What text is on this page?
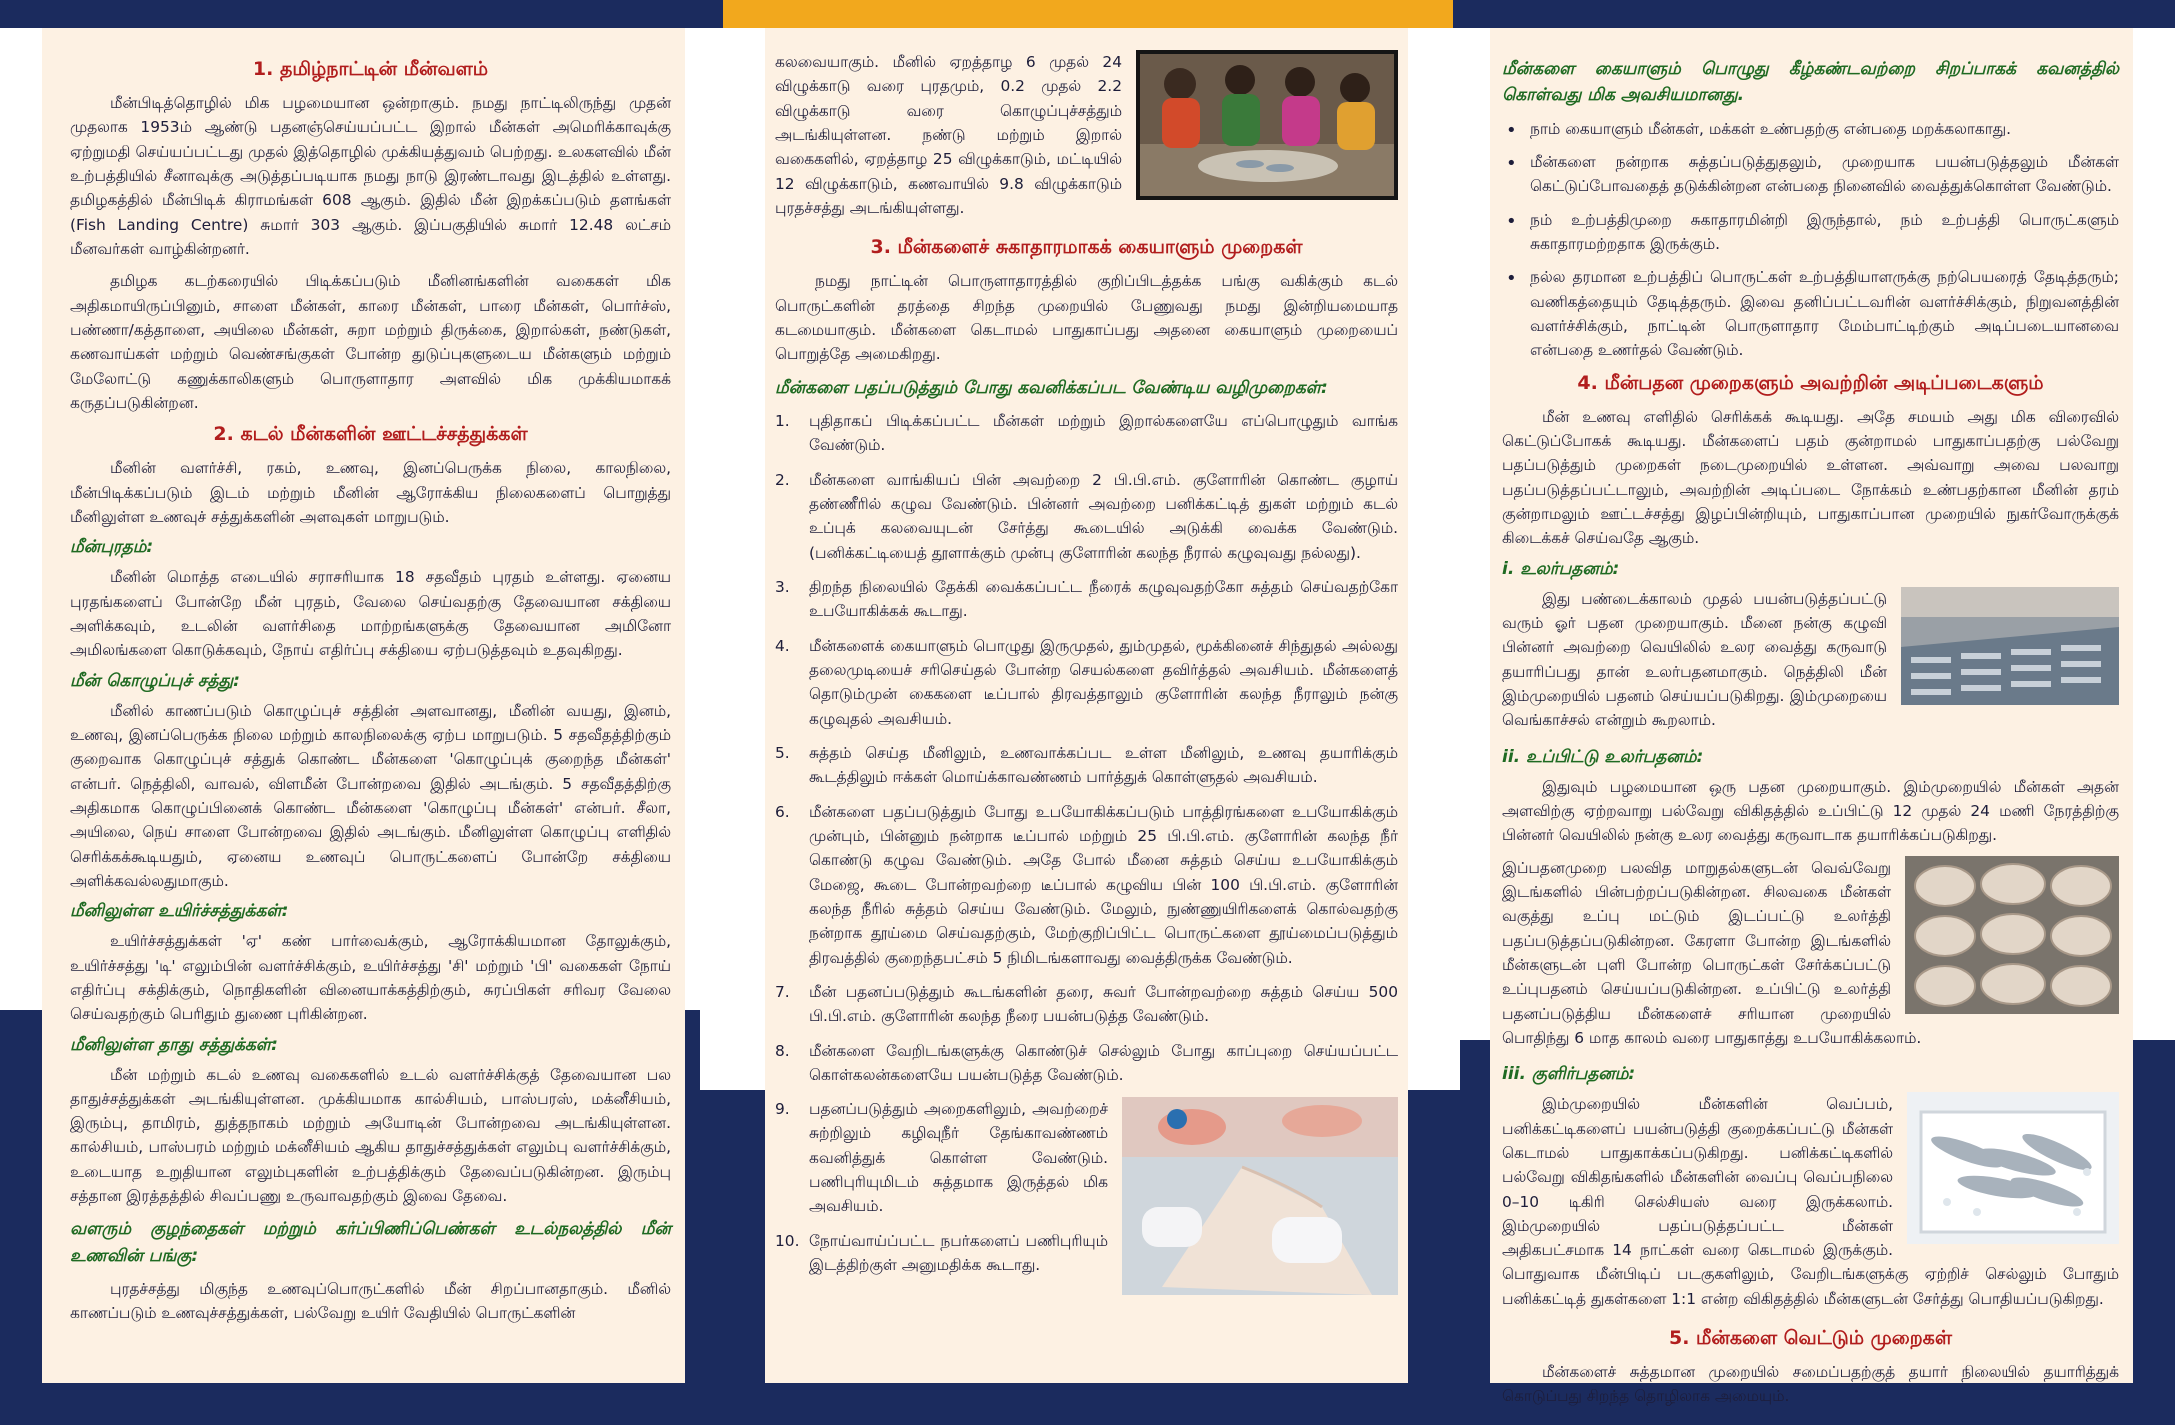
1. தமிழ்நாட்டின் மீன்வளம்

மீன்பிடித்தொழில் மிக பழமையான ஒன்றாகும். நமது நாட்டிலிருந்து முதன் முதலாக 1953ம் ஆண்டு பதனஞ்செய்யப்பட்ட இறால் மீன்கள் அமெரிக்காவுக்கு ஏற்றுமதி செய்யப்பட்டது முதல் இத்தொழில் முக்கியத்துவம் பெற்றது. உலகளவில் மீன் உற்பத்தியில் சீனாவுக்கு அடுத்தப்படியாக நமது நாடு இரண்டாவது இடத்தில் உள்ளது. தமிழகத்தில் மீன்பிடிக் கிராமங்கள் 608 ஆகும். இதில் மீன் இறக்கப்படும் தளங்கள் (Fish Landing Centre) சுமார் 303 ஆகும். இப்பகுதியில் சுமார் 12.48 லட்சம் மீனவர்கள் வாழ்கின்றனர்.

தமிழக கடற்கரையில் பிடிக்கப்படும் மீனினங்களின் வகைகள் மிக அதிகமாயிருப்பினும், சாளை மீன்கள், காரை மீன்கள், பாரை மீன்கள், பொர்ச்ஸ், பண்ணா/கத்தாளை, அயிலை மீன்கள், சுறா மற்றும் திருக்கை, இறால்கள், நண்டுகள், கணவாய்கள் மற்றும் வெண்சங்குகள் போன்ற துடுப்புகளுடைய மீன்களும் மற்றும் மேலோட்டு கணுக்காலிகளும் பொருளாதார அளவில் மிக முக்கியமாகக் கருதப்படுகின்றன.

2. கடல் மீன்களின் ஊட்டச்சத்துக்கள்

மீனின் வளர்ச்சி, ரகம், உணவு, இனப்பெருக்க நிலை, காலநிலை, மீன்பிடிக்கப்படும் இடம் மற்றும் மீனின் ஆரோக்கிய நிலைகளைப் பொறுத்து மீனிலுள்ள உணவுச் சத்துக்களின் அளவுகள் மாறுபடும்.

மீன்புரதம்:

மீனின் மொத்த எடையில் சராசரியாக 18 சதவீதம் புரதம் உள்ளது. ஏனைய புரதங்களைப் போன்றே மீன் புரதம், வேலை செய்வதற்கு தேவையான சக்தியை அளிக்கவும், உடலின் வளர்சிதை மாற்றங்களுக்கு தேவையான அமினோ அமிலங்களை கொடுக்கவும், நோய் எதிர்ப்பு சக்தியை ஏற்படுத்தவும் உதவுகிறது.

மீன் கொழுப்புச் சத்து:

மீனில் காணப்படும் கொழுப்புச் சத்தின் அளவானது, மீனின் வயது, இனம், உணவு, இனப்பெருக்க நிலை மற்றும் காலநிலைக்கு ஏற்ப மாறுபடும். 5 சதவீதத்திற்கும் குறைவாக கொழுப்புச் சத்துக் கொண்ட மீன்களை 'கொழுப்புக் குறைந்த மீன்கள்' என்பர். நெத்திலி, வாவல், விளமீன் போன்றவை இதில் அடங்கும். 5 சதவீதத்திற்கு அதிகமாக கொழுப்பினைக் கொண்ட மீன்களை 'கொழுப்பு மீன்கள்' என்பர். சீலா, அயிலை, நெய் சாளை போன்றவை இதில் அடங்கும். மீனிலுள்ள கொழுப்பு எளிதில் செரிக்கக்கூடியதும், ஏனைய உணவுப் பொருட்களைப் போன்றே சக்தியை அளிக்கவல்லதுமாகும்.

மீனிலுள்ள உயிர்ச்சத்துக்கள்:

உயிர்ச்சத்துக்கள் 'ஏ' கண் பார்வைக்கும், ஆரோக்கியமான தோலுக்கும், உயிர்ச்சத்து 'டி' எலும்பின் வளர்ச்சிக்கும், உயிர்ச்சத்து 'சி' மற்றும் 'பி' வகைகள் நோய் எதிர்ப்பு சக்திக்கும், நொதிகளின் வினையாக்கத்திற்கும், சுரப்பிகள் சரிவர வேலை செய்வதற்கும் பெரிதும் துணை புரிகின்றன.

மீனிலுள்ள தாது சத்துக்கள்:

மீன் மற்றும் கடல் உணவு வகைகளில் உடல் வளர்ச்சிக்குத் தேவையான பல தாதுச்சத்துக்கள் அடங்கியுள்ளன. முக்கியமாக கால்சியம், பாஸ்பரஸ், மக்னீசியம், இரும்பு, தாமிரம், துத்தநாகம் மற்றும் அயோடின் போன்றவை அடங்கியுள்ளன. கால்சியம், பாஸ்பரம் மற்றும் மக்னீசியம் ஆகிய தாதுச்சத்துக்கள் எலும்பு வளர்ச்சிக்கும், உடையாத உறுதியான எலும்புகளின் உற்பத்திக்கும் தேவைப்படுகின்றன. இரும்பு சத்தான இரத்தத்தில் சிவப்பணு உருவாவதற்கும் இவை தேவை.

வளரும் குழந்தைகள் மற்றும் கர்ப்பிணிப்பெண்கள் உடல்நலத்தில் மீன் உணவின் பங்கு:

புரதச்சத்து மிகுந்த உணவுப்பொருட்களில் மீன் சிறப்பானதாகும். மீனில் காணப்படும் உணவுச்சத்துக்கள், பல்வேறு உயிர் வேதியில் பொருட்களின்

கலவையாகும். மீனில் ஏறத்தாழ 6 முதல் 24 விழுக்காடு வரை புரதமும், 0.2 முதல் 2.2 விழுக்காடு வரை கொழுப்புச்சத்தும் அடங்கியுள்ளன. நண்டு மற்றும் இறால் வகைகளில், ஏறத்தாழ 25 விழுக்காடும், மட்டியில் 12 விழுக்காடும், கணவாயில் 9.8 விழுக்காடும் புரதச்சத்து அடங்கியுள்ளது.

3. மீன்களைச் சுகாதாரமாகக் கையாளும் முறைகள்

நமது நாட்டின் பொருளாதாரத்தில் குறிப்பிடத்தக்க பங்கு வகிக்கும் கடல் பொருட்களின் தரத்தை சிறந்த முறையில் பேணுவது நமது இன்றியமையாத கடமையாகும். மீன்களை கெடாமல் பாதுகாப்பது அதனை கையாளும் முறையைப் பொறுத்தே அமைகிறது.

மீன்களை பதப்படுத்தும் போது கவனிக்கப்பட வேண்டிய வழிமுறைகள்:
1. புதிதாகப் பிடிக்கப்பட்ட மீன்கள் மற்றும் இறால்களையே எப்பொழுதும் வாங்க வேண்டும்.
2. மீன்களை வாங்கியப் பின் அவற்றை 2 பி.பி.எம். குளோரின் கொண்ட குழாய் தண்ணீரில் கழுவ வேண்டும். பின்னர் அவற்றை பனிக்கட்டித் துகள் மற்றும் கடல் உப்புக் கலவையுடன் சேர்த்து கூடையில் அடுக்கி வைக்க வேண்டும். (பனிக்கட்டியைத் தூளாக்கும் முன்பு குளோரின் கலந்த நீரால் கழுவுவது நல்லது).
3. திறந்த நிலையில் தேக்கி வைக்கப்பட்ட நீரைக் கழுவுவதற்கோ சுத்தம் செய்வதற்கோ உபயோகிக்கக் கூடாது.
4. மீன்களைக் கையாளும் பொழுது இருமுதல், தும்முதல், மூக்கினைச் சிந்துதல் அல்லது தலைமுடியைச் சரிசெய்தல் போன்ற செயல்களை தவிர்த்தல் அவசியம். மீன்களைத் தொடும்முன் கைகளை டீப்பால் திரவத்தாலும் குளோரின் கலந்த நீராலும் நன்கு கழுவுதல் அவசியம்.
5. சுத்தம் செய்த மீனிலும், உணவாக்கப்பட உள்ள மீனிலும், உணவு தயாரிக்கும் கூடத்திலும் ஈக்கள் மொய்க்காவண்ணம் பார்த்துக் கொள்ளுதல் அவசியம்.
6. மீன்களை பதப்படுத்தும் போது உபயோகிக்கப்படும் பாத்திரங்களை உபயோகிக்கும் முன்பும், பின்னும் நன்றாக டீப்பால் மற்றும் 25 பி.பி.எம். குளோரின் கலந்த நீர் கொண்டு கழுவ வேண்டும். அதே போல் மீனை சுத்தம் செய்ய உபயோகிக்கும் மேஜை, கூடை போன்றவற்றை டீப்பால் கழுவிய பின் 100 பி.பி.எம். குளோரின் கலந்த நீரில் சுத்தம் செய்ய வேண்டும். மேலும், நுண்ணுயிரிகளைக் கொல்வதற்கு நன்றாக தூய்மை செய்வதற்கும், மேற்குறிப்பிட்ட பொருட்களை தூய்மைப்படுத்தும் திரவத்தில் குறைந்தபட்சம் 5 நிமிடங்களாவது வைத்திருக்க வேண்டும்.
7. மீன் பதனப்படுத்தும் கூடங்களின் தரை, சுவர் போன்றவற்றை சுத்தம் செய்ய 500 பி.பி.எம். குளோரின் கலந்த நீரை பயன்படுத்த வேண்டும்.
8. மீன்களை வேறிடங்களுக்கு கொண்டுச் செல்லும் போது காப்புறை செய்யப்பட்ட கொள்கலன்களையே பயன்படுத்த வேண்டும்.
9. பதனப்படுத்தும் அறைகளிலும், அவற்றைச் சுற்றிலும் கழிவுநீர் தேங்காவண்ணம் கவனித்துக் கொள்ள வேண்டும். பணிபுரியுமிடம் சுத்தமாக இருத்தல் மிக அவசியம்.
10. நோய்வாய்ப்பட்ட நபர்களைப் பணிபுரியும் இடத்திற்குள் அனுமதிக்க கூடாது.
மீன்களை கையாளும் பொழுது கீழ்கண்டவற்றை சிறப்பாகக் கவனத்தில் கொள்வது மிக அவசியமானது.
• நாம் கையாளும் மீன்கள், மக்கள் உண்பதற்கு என்பதை மறக்கலாகாது.
• மீன்களை நன்றாக சுத்தப்படுத்துதலும், முறையாக பயன்படுத்தலும் மீன்கள் கெட்டுப்போவதைத் தடுக்கின்றன என்பதை நினைவில் வைத்துக்கொள்ள வேண்டும்.
• நம் உற்பத்திமுறை சுகாதாரமின்றி இருந்தால், நம் உற்பத்தி பொருட்களும் சுகாதாரமற்றதாக இருக்கும்.
• நல்ல தரமான உற்பத்திப் பொருட்கள் உற்பத்தியாளருக்கு நற்பெயரைத் தேடித்தரும்; வணிகத்தையும் தேடித்தரும். இவை தனிப்பட்டவரின் வளர்ச்சிக்கும், நிறுவனத்தின் வளர்ச்சிக்கும், நாட்டின் பொருளாதார மேம்பாட்டிற்கும் அடிப்படையானவை என்பதை உணர்தல் வேண்டும்.
4. மீன்பதன முறைகளும் அவற்றின் அடிப்படைகளும்

மீன் உணவு எளிதில் செரிக்கக் கூடியது. அதே சமயம் அது மிக விரைவில் கெட்டுப்போகக் கூடியது. மீன்களைப் பதம் குன்றாமல் பாதுகாப்பதற்கு பல்வேறு பதப்படுத்தும் முறைகள் நடைமுறையில் உள்ளன. அவ்வாறு அவை பலவாறு பதப்படுத்தப்பட்டாலும், அவற்றின் அடிப்படை நோக்கம் உண்பதற்கான மீனின் தரம் குன்றாமலும் ஊட்டச்சத்து இழப்பின்றியும், பாதுகாப்பான முறையில் நுகர்வோருக்குக் கிடைக்கச் செய்வதே ஆகும்.

i. உலர்பதனம்:

இது பண்டைக்காலம் முதல் பயன்படுத்தப்பட்டு வரும் ஓர் பதன முறையாகும். மீனை நன்கு கழுவி பின்னர் அவற்றை வெயிலில் உலர வைத்து கருவாடு தயாரிப்பது தான் உலர்பதனமாகும். நெத்திலி மீன் இம்முறையில் பதனம் செய்யப்படுகிறது. இம்முறையை வெங்காச்சல் என்றும் கூறலாம்.

ii. உப்பிட்டு உலர்பதனம்:

இதுவும் பழமையான ஒரு பதன முறையாகும். இம்முறையில் மீன்கள் அதன் அளவிற்கு ஏற்றவாறு பல்வேறு விகிதத்தில் உப்பிட்டு 12 முதல் 24 மணி நேரத்திற்கு பின்னர் வெயிலில் நன்கு உலர வைத்து கருவாடாக தயாரிக்கப்படுகிறது.

இப்பதனமுறை பலவித மாறுதல்களுடன் வெவ்வேறு இடங்களில் பின்பற்றப்படுகின்றன. சிலவகை மீன்கள் வகுத்து உப்பு மட்டும் இடப்பட்டு உலர்த்தி பதப்படுத்தப்படுகின்றன. கேரளா போன்ற இடங்களில் மீன்களுடன் புளி போன்ற பொருட்கள் சேர்க்கப்பட்டு உப்புபதனம் செய்யப்படுகின்றன. உப்பிட்டு உலர்த்தி பதனப்படுத்திய மீன்களைச் சரியான முறையில் பொதிந்து 6 மாத காலம் வரை பாதுகாத்து உபயோகிக்கலாம்.

iii. குளிர்பதனம்:

இம்முறையில் மீன்களின் வெப்பம், பனிக்கட்டிகளைப் பயன்படுத்தி குறைக்கப்பட்டு மீன்கள் கெடாமல் பாதுகாக்கப்படுகிறது. பனிக்கட்டிகளில் பல்வேறு விகிதங்களில் மீன்களின் வைப்பு வெப்பநிலை 0–10 டிகிரி செல்சியஸ் வரை இருக்கலாம். இம்முறையில் பதப்படுத்தப்பட்ட மீன்கள் அதிகபட்சமாக 14 நாட்கள் வரை கெடாமல் இருக்கும். பொதுவாக மீன்பிடிப் படகுகளிலும், வேறிடங்களுக்கு ஏற்றிச் செல்லும் போதும் பனிக்கட்டித் துகள்களை 1:1 என்ற விகிதத்தில் மீன்களுடன் சேர்த்து பொதியப்படுகிறது.

5. மீன்களை வெட்டும் முறைகள்

மீன்களைச் சுத்தமான முறையில் சமைப்பதற்குத் தயார் நிலையில் தயாரித்துக் கொடுப்பது சிறந்த தொழிலாக அமையும்.
